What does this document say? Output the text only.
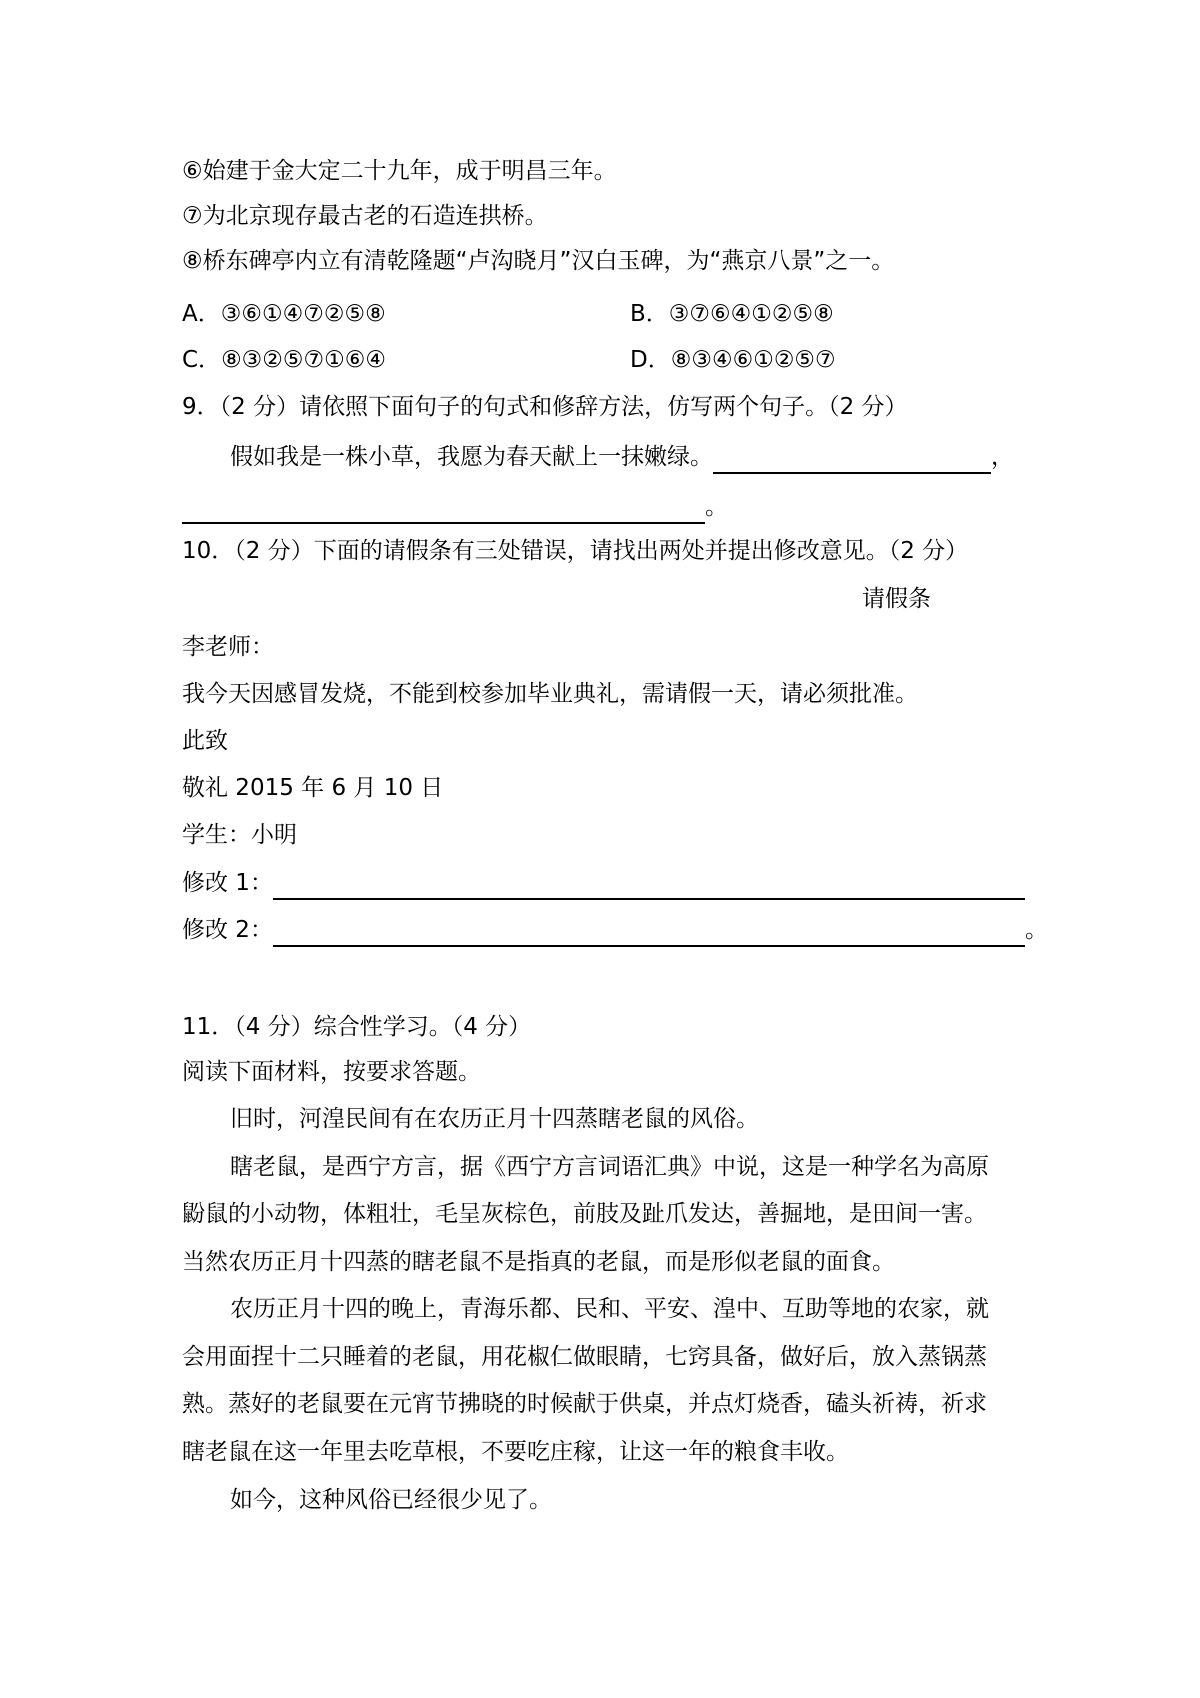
⑥始建于金大定二十九年，成于明昌三年。
⑦为北京现存最古老的石造连拱桥。
⑧桥东碑亭内立有清乾隆题“卢沟晓月”汉白玉碑，为“燕京八景”之一。
A．③⑥①④⑦②⑤⑧	B．③⑦⑥④①②⑤⑧
C．⑧③②⑤⑦①⑥④	D．⑧③④⑥①②⑤⑦
9．（2 分）请依照下面句子的句式和修辞方法，仿写两个句子。（2 分）
假如我是一株小草，我愿为春天献上一抹嫩绿。	，
。
10．（2 分）下面的请假条有三处错误，请找出两处并提出修改意见。（2 分）
请假条
李老师：
我今天因感冒发烧，不能到校参加毕业典礼，需请假一天，请必须批准。
此致
敬礼 2015 年 6 月 10 日
学生：小明
修改 1：
修改 2：	。
11．（4 分）综合性学习。（4 分）
阅读下面材料，按要求答题。
旧时，河湟民间有在农历正月十四蒸瞎老鼠的风俗。
瞎老鼠，是西宁方言，据《西宁方言词语汇典》中说，这是一种学名为高原
鼢鼠的小动物，体粗壮，毛呈灰棕色，前肢及趾爪发达，善掘地，是田间一害。
当然农历正月十四蒸的瞎老鼠不是指真的老鼠，而是形似老鼠的面食。
农历正月十四的晚上，青海乐都、民和、平安、湟中、互助等地的农家，就
会用面捏十二只睡着的老鼠，用花椒仁做眼睛，七窍具备，做好后，放入蒸锅蒸
熟。蒸好的老鼠要在元宵节拂晓的时候献于供桌，并点灯烧香，磕头祈祷，祈求
瞎老鼠在这一年里去吃草根，不要吃庄稼，让这一年的粮食丰收。
如今，这种风俗已经很少见了。
